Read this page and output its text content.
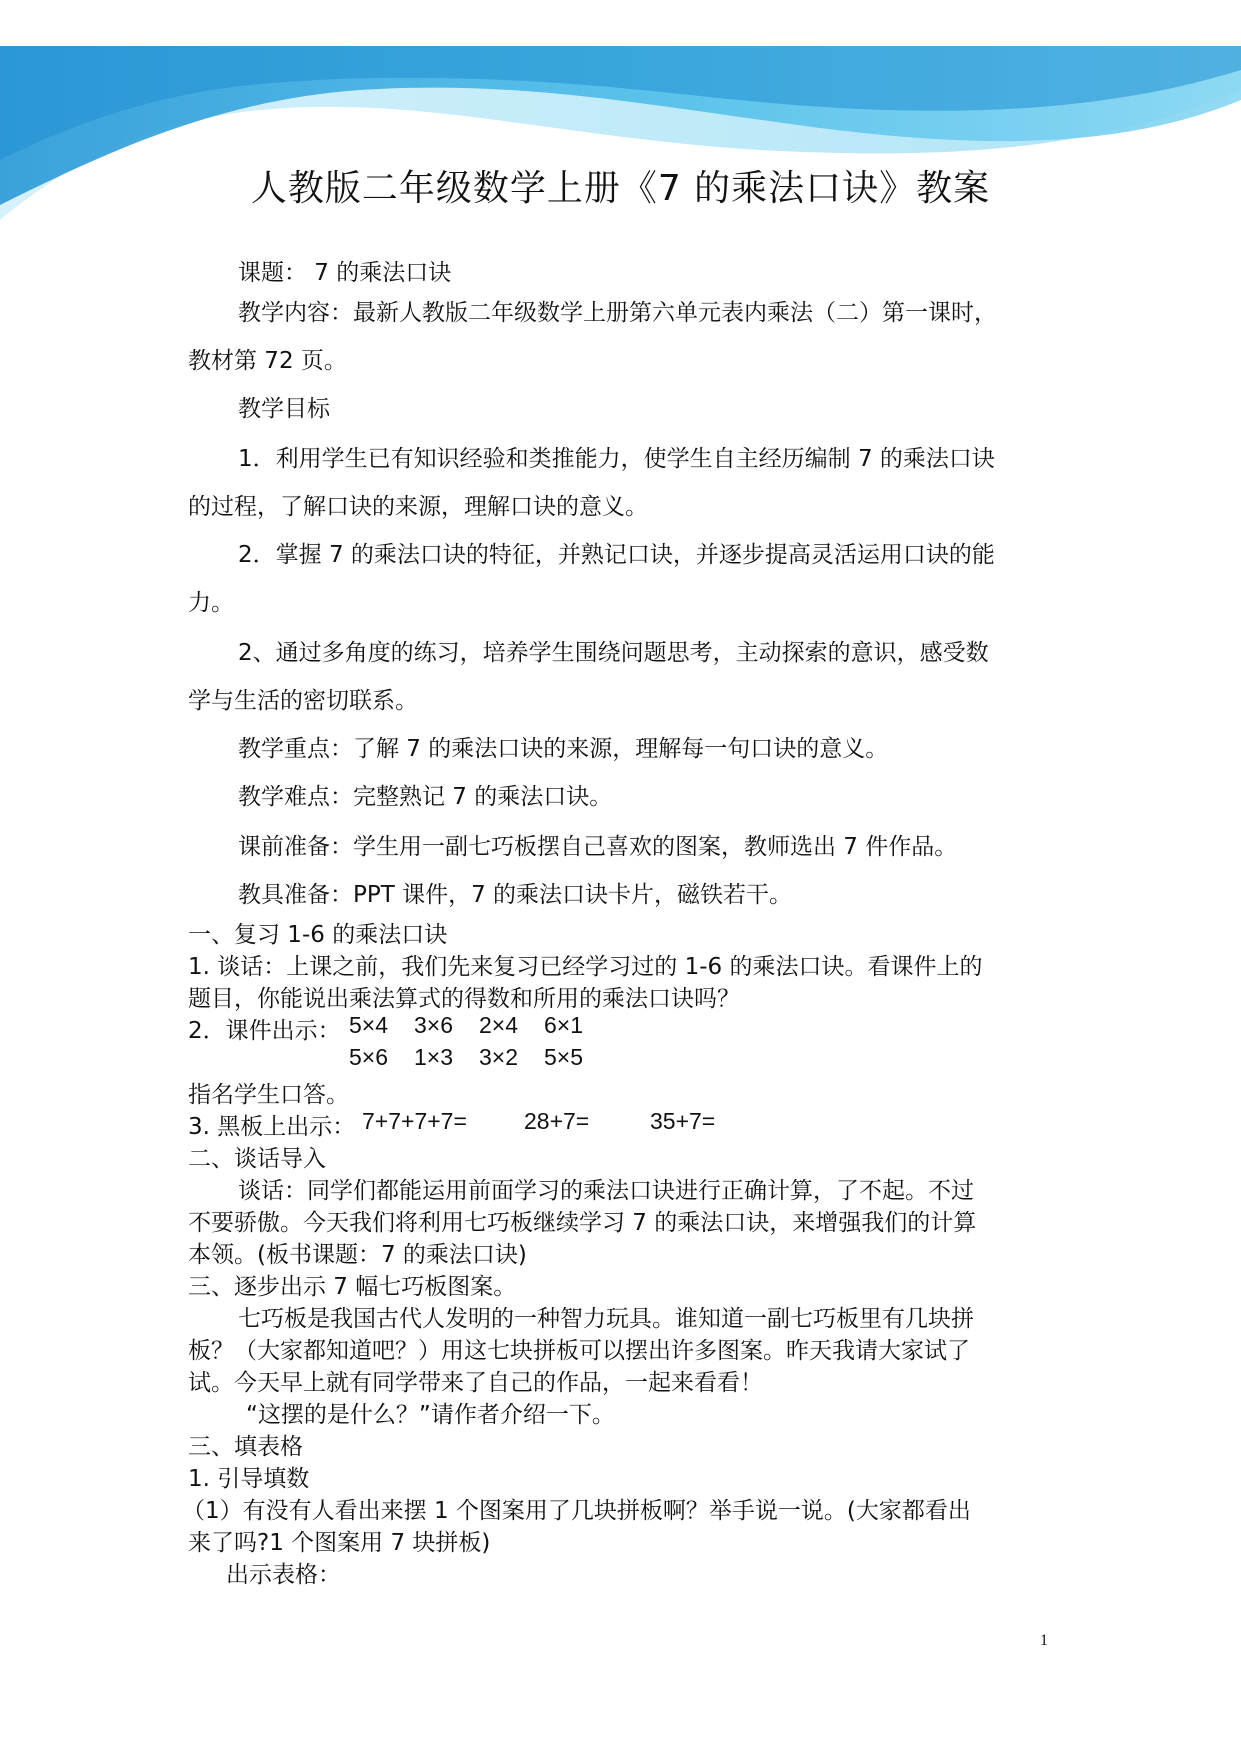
人教版二年级数学上册《7 的乘法口诀》教案
课题： 7 的乘法口诀
教学内容：最新人教版二年级数学上册第六单元表内乘法（二）第一课时，
教材第 72 页。
教学目标
1．利用学生已有知识经验和类推能力，使学生自主经历编制 7 的乘法口诀
的过程，了解口诀的来源，理解口诀的意义。
2．掌握 7 的乘法口诀的特征，并熟记口诀，并逐步提高灵活运用口诀的能
力。
2、通过多角度的练习，培养学生围绕问题思考，主动探索的意识，感受数
学与生活的密切联系。
教学重点：了解 7 的乘法口诀的来源，理解每一句口诀的意义。
教学难点：完整熟记 7 的乘法口诀。
课前准备：学生用一副七巧板摆自己喜欢的图案，教师选出 7 件作品。
教具准备：PPT 课件，7 的乘法口诀卡片，磁铁若干。
一、复习 1-6 的乘法口诀
1. 谈话：上课之前，我们先来复习已经学习过的 1-6 的乘法口诀。看课件上的
题目，你能说出乘法算式的得数和所用的乘法口诀吗？
2．课件出示： 5×4 3×6 2×4 6×1
5×6 1×3 3×2 5×5
指名学生口答。
3. 黑板上出示： 7+7+7+7= 28+7=	35+7=
二、谈话导入
谈话：同学们都能运用前面学习的乘法口诀进行正确计算，了不起。不过
不要骄傲。今天我们将利用七巧板继续学习 7 的乘法口诀，来增强我们的计算
本领。(板书课题：7 的乘法口诀)
三、逐步出示 7 幅七巧板图案。
七巧板是我国古代人发明的一种智力玩具。谁知道一副七巧板里有几块拼
板？（大家都知道吧？）用这七块拼板可以摆出许多图案。昨天我请大家试了
试。今天早上就有同学带来了自己的作品，一起来看看！
“这摆的是什么？”请作者介绍一下。
三、填表格
1. 引导填数
（1）有没有人看出来摆 1 个图案用了几块拼板啊？举手说一说。(大家都看出
来了吗?1 个图案用 7 块拼板)
出示表格：
1
